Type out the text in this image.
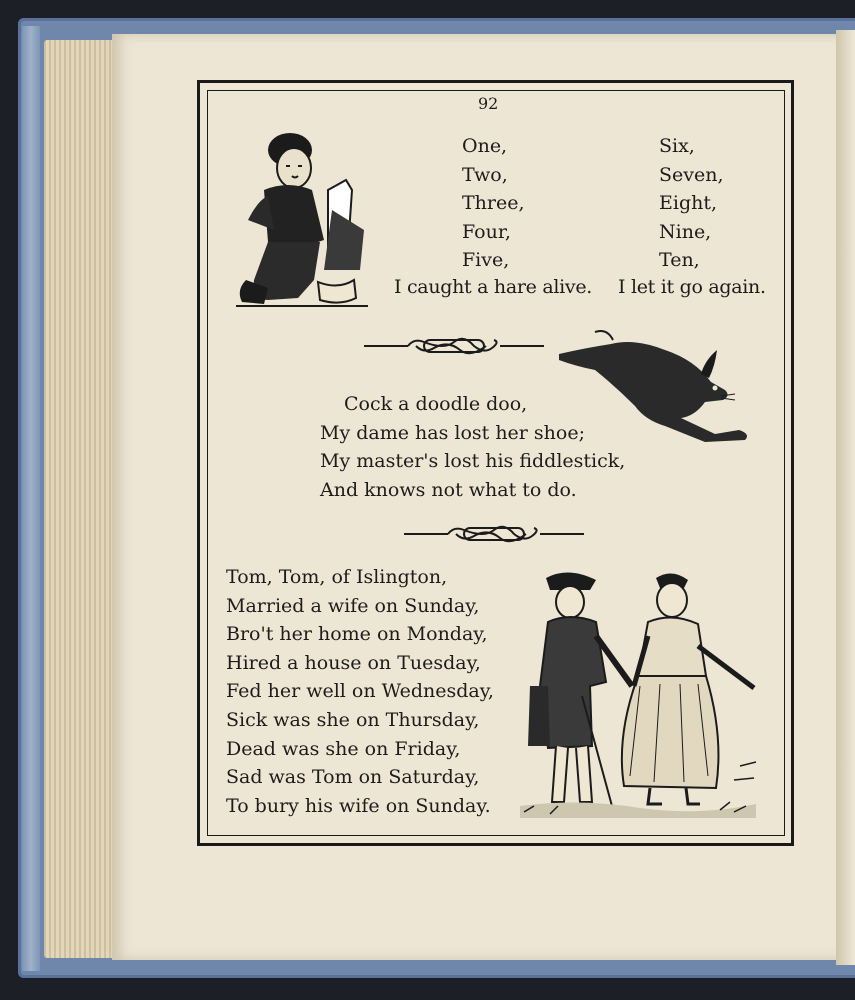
92
One,
Two,
Three,
Four,
Five,
Six,
Seven,
Eight,
Nine,
Ten,
I caught a hare alive. I let it go again.
Cock a doodle doo,
My dame has lost her shoe;
My master's lost his fiddlestick,
And knows not what to do.
Tom, Tom, of Islington,
Married a wife on Sunday,
Bro't her home on Monday,
Hired a house on Tuesday,
Fed her well on Wednesday,
Sick was she on Thursday,
Dead was she on Friday,
Sad was Tom on Saturday,
To bury his wife on Sunday.
